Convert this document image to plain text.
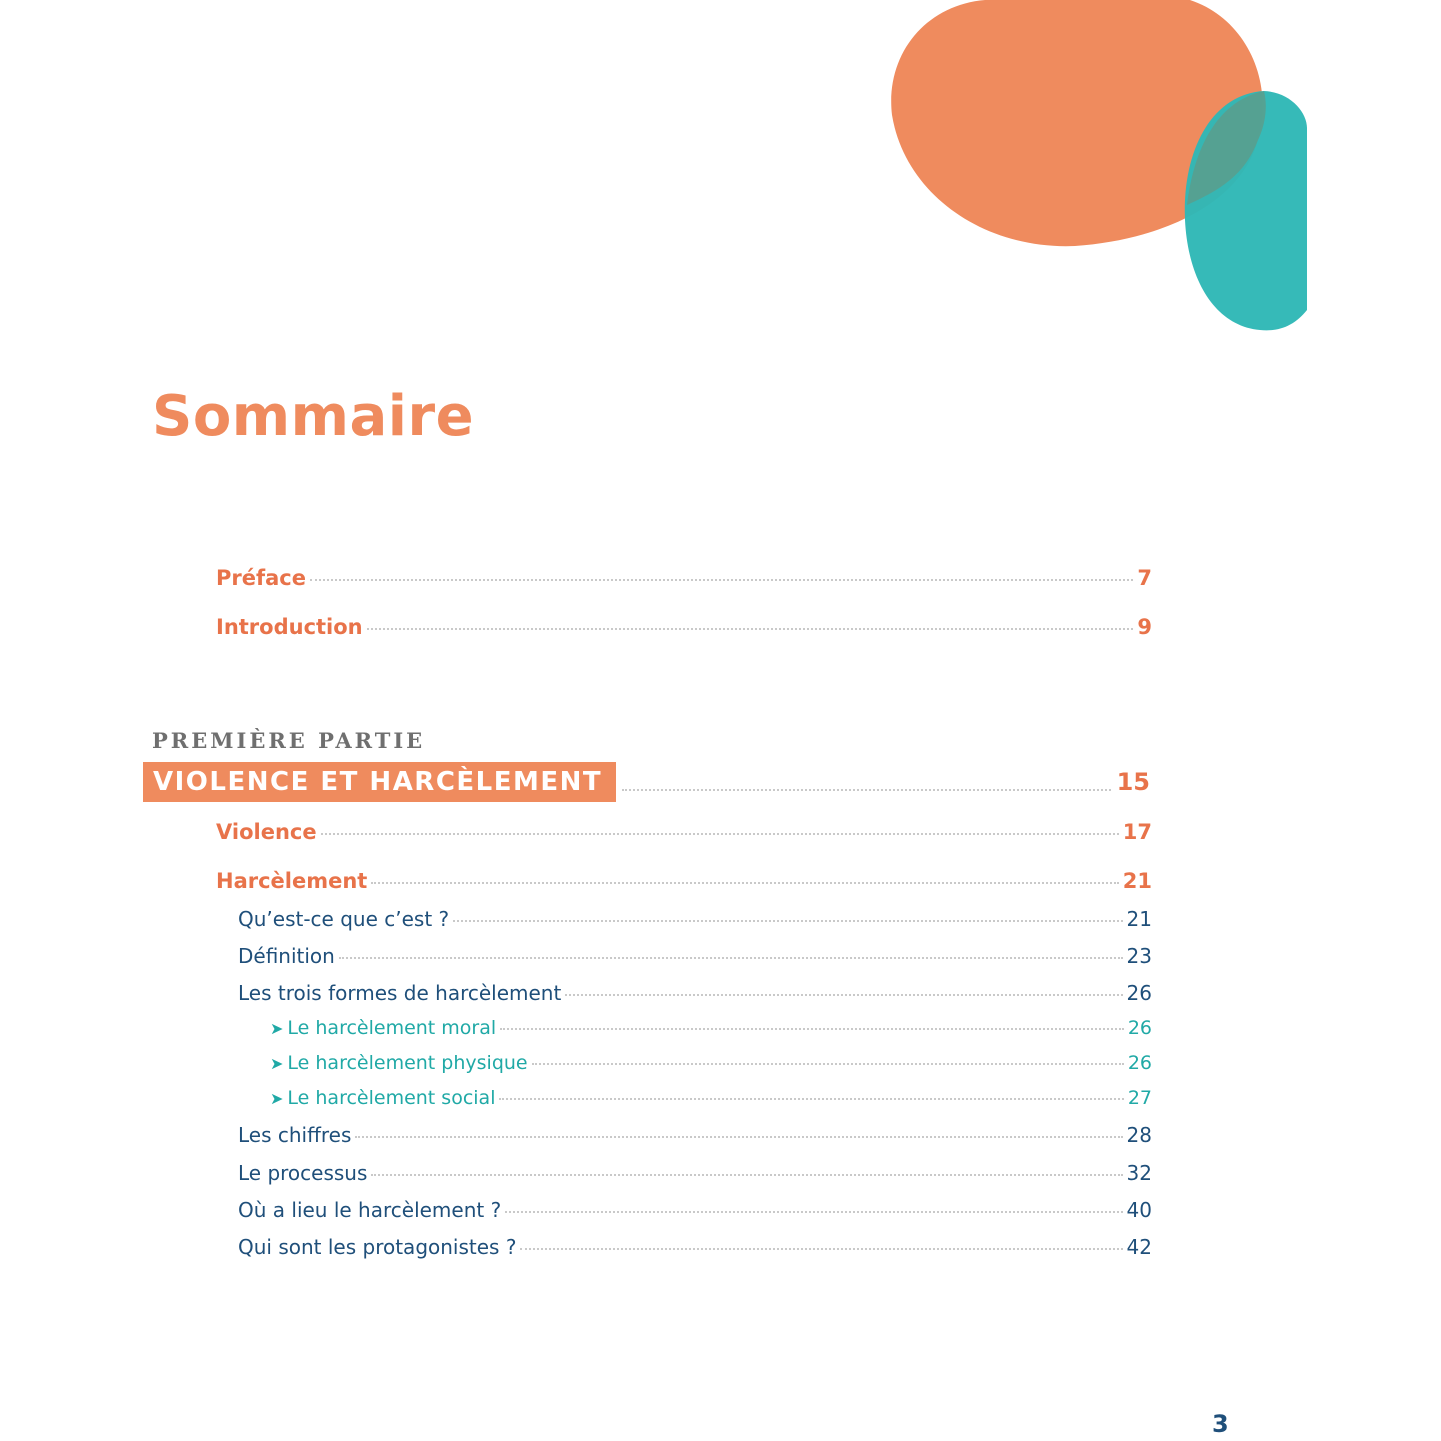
Sommaire
Préface	7
Introduction	9
PREMIÈRE PARTIE
VIOLENCE ET HARCÈLEMENT	15
Violence	17
Harcèlement	21
Qu’est-ce que c’est ?	21
Définition	23
Les trois formes de harcèlement	26
➤ Le harcèlement moral	26
➤ Le harcèlement physique	26
➤ Le harcèlement social	27
Les chiffres	28
Le processus	32
Où a lieu le harcèlement ?	40
Qui sont les protagonistes ?	42
3
